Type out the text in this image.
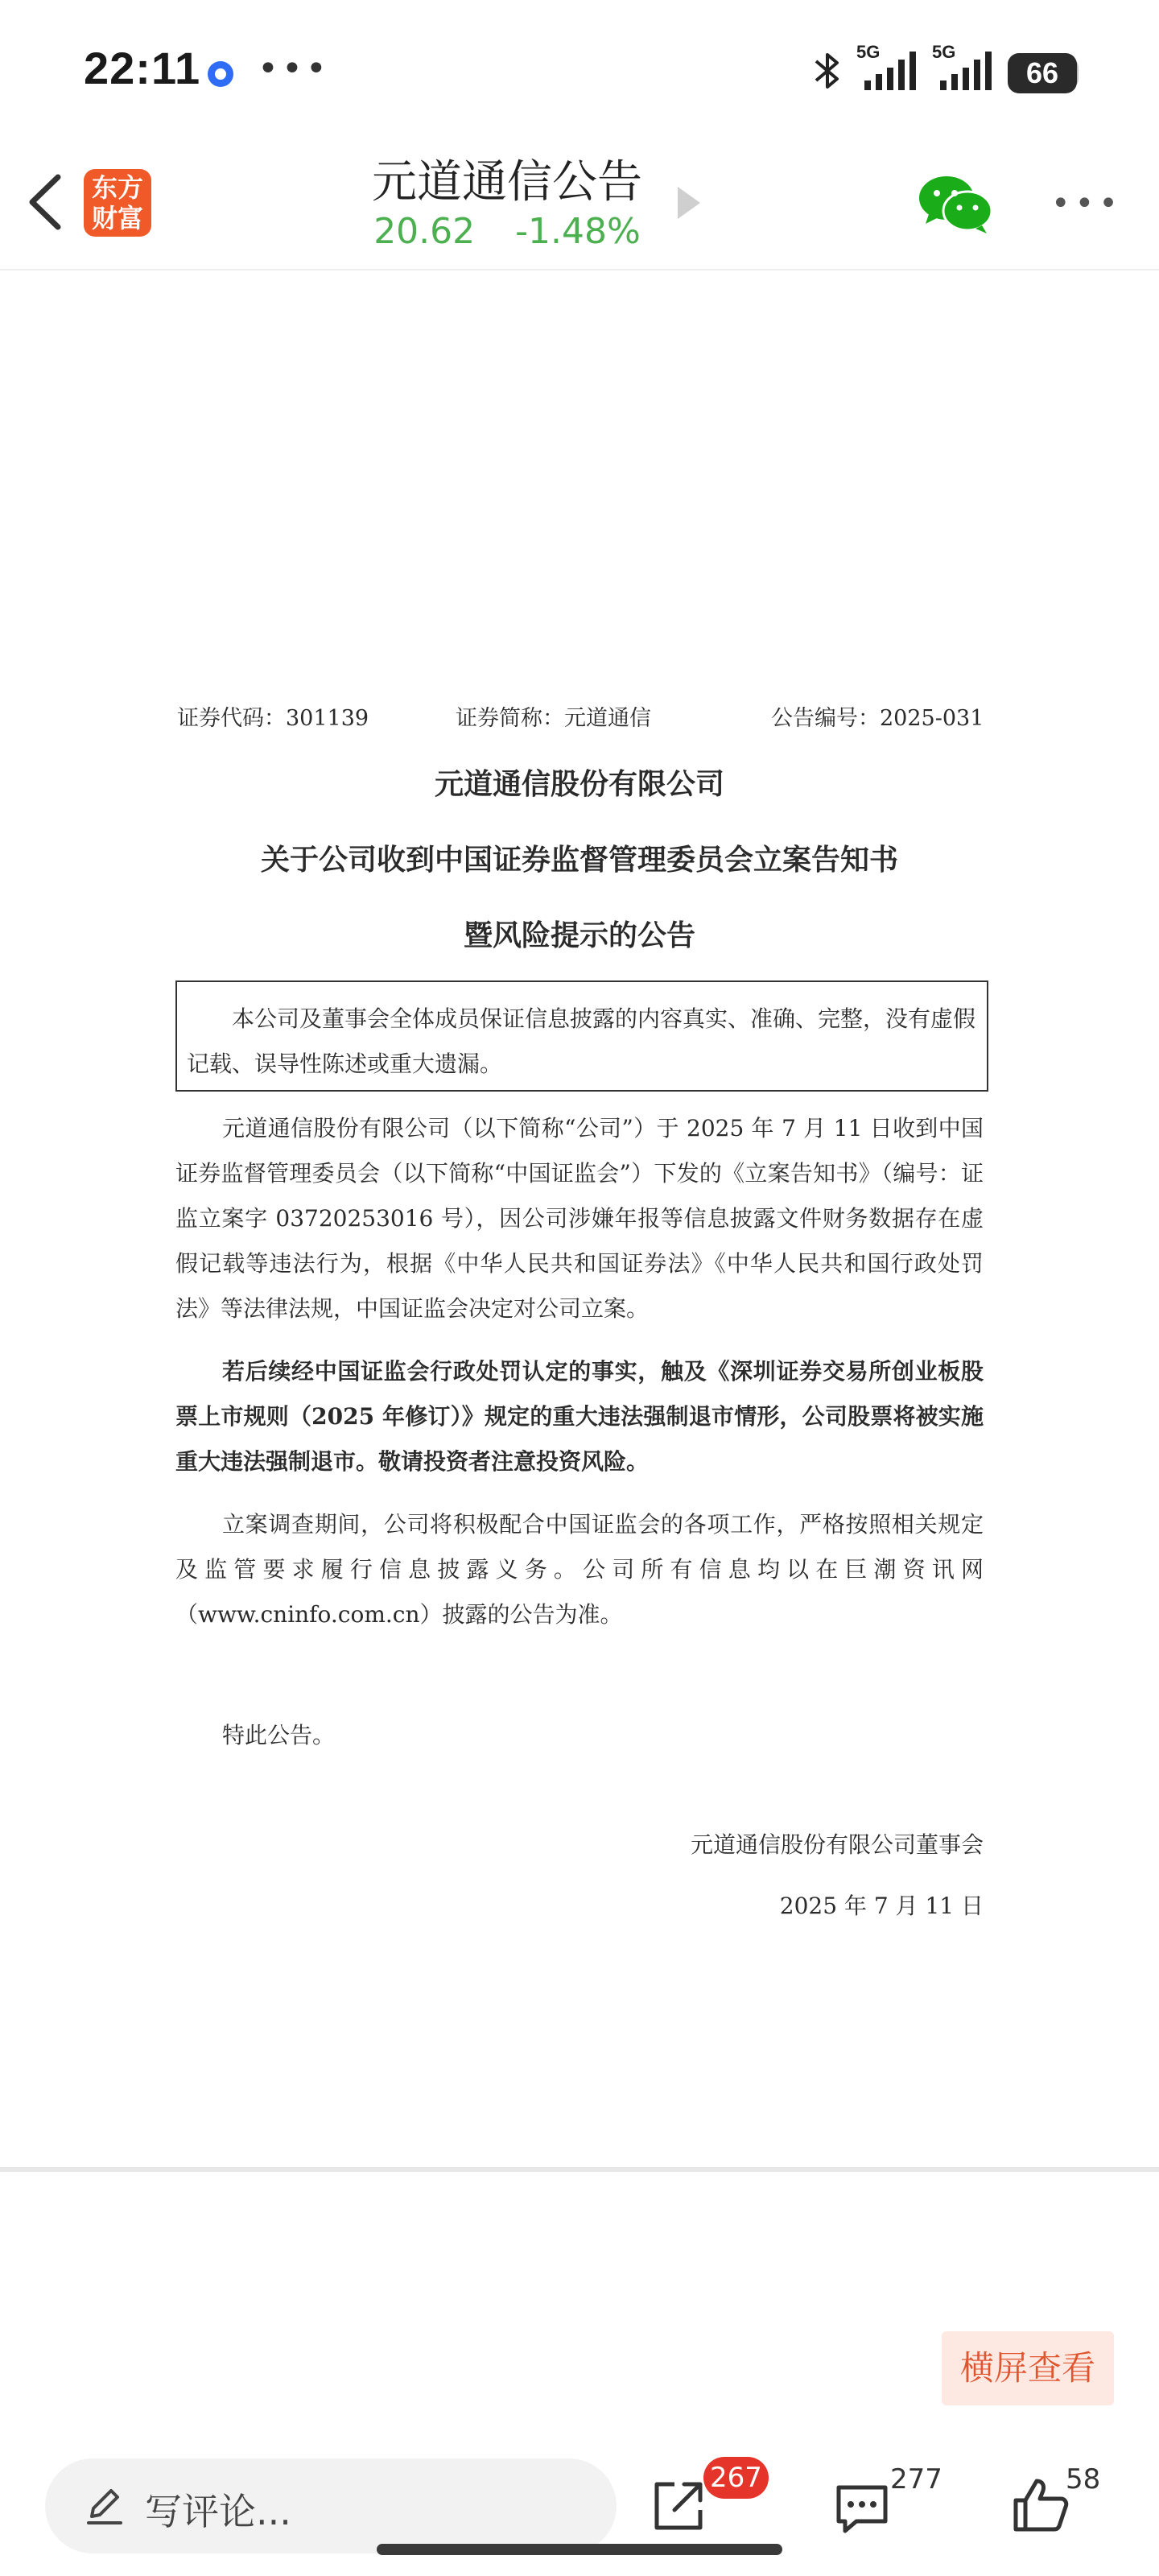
22:11 •••	5G	5G
66
东方
财富
元道通信公告
20.62 -1.48%
•••
证券代码：301139	证券简称：元道通信	公告编号：2025-031
元道通信股份有限公司
关于公司收到中国证券监督管理委员会立案告知书
暨风险提示的公告
本公司及董事会全体成员保证信息披露的内容真实、准确、完整，没有虚假记载、误导性陈述或重大遗漏。
元道通信股份有限公司（以下简称“公司”）于 2025 年 7 月 11 日收到中国证券监督管理委员会（以下简称“中国证监会”）下发的《立案告知书》（编号：证监立案字 03720253016 号），因公司涉嫌年报等信息披露文件财务数据存在虚假记载等违法行为，根据《中华人民共和国证券法》《中华人民共和国行政处罚法》等法律法规，中国证监会决定对公司立案。
若后续经中国证监会行政处罚认定的事实，触及《深圳证券交易所创业板股票上市规则（2025 年修订）》规定的重大违法强制退市情形，公司股票将被实施重大违法强制退市。敬请投资者注意投资风险。
立案调查期间，公司将积极配合中国证监会的各项工作，严格按照相关规定及监管要求履行信息披露义务。公司所有信息均以在巨潮资讯网（www.cninfo.com.cn）披露的公告为准。
特此公告。
元道通信股份有限公司董事会
2025 年 7 月 11 日
横屏查看
写评论...
267	277	58
